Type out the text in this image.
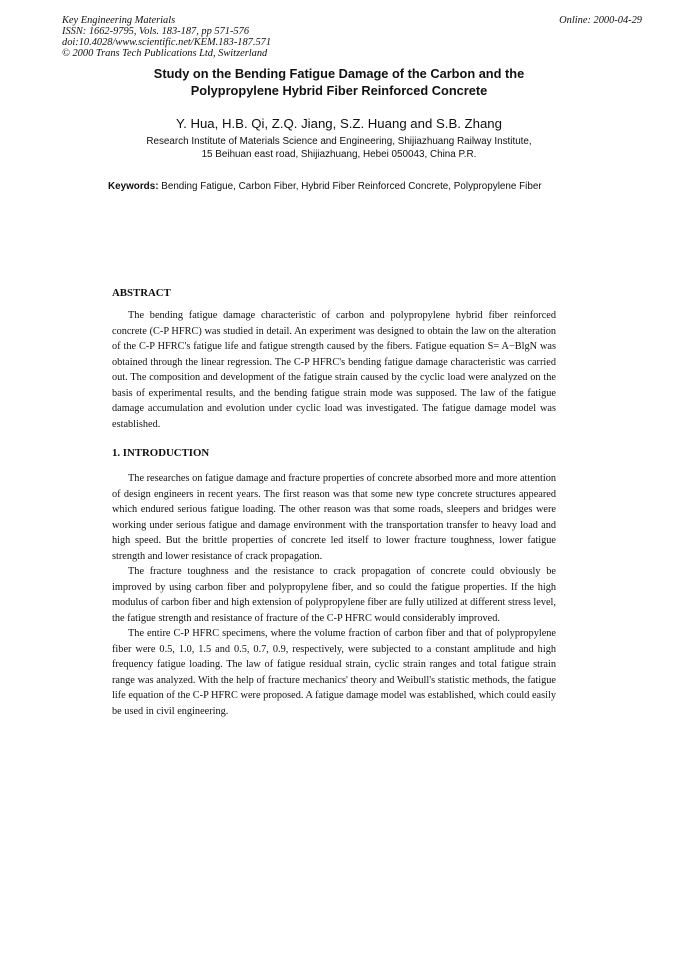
Key Engineering Materials
ISSN: 1662-9795, Vols. 183-187, pp 571-576
doi:10.4028/www.scientific.net/KEM.183-187.571
© 2000 Trans Tech Publications Ltd, Switzerland
Online: 2000-04-29
Study on the Bending Fatigue Damage of the Carbon and the
Polypropylene Hybrid Fiber Reinforced Concrete
Y. Hua, H.B. Qi, Z.Q. Jiang, S.Z. Huang and S.B. Zhang
Research Institute of Materials Science and Engineering, Shijiazhuang Railway Institute,
15 Beihuan east road, Shijiazhuang, Hebei 050043, China P.R.
Keywords: Bending Fatigue, Carbon Fiber, Hybrid Fiber Reinforced Concrete, Polypropylene Fiber
ABSTRACT

The bending fatigue damage characteristic of carbon and polypropylene hybrid fiber reinforced concrete (C-P HFRC) was studied in detail. An experiment was designed to obtain the law on the alteration of the C-P HFRC's fatigue life and fatigue strength caused by the fibers. Fatigue equation S= A−BlgN was obtained through the linear regression. The C-P HFRC's bending fatigue damage characteristic was carried out. The composition and development of the fatigue strain caused by the cyclic load were analyzed on the basis of experimental results, and the bending fatigue strain mode was supposed. The law of the fatigue damage accumulation and evolution under cyclic load was investigated. The fatigue damage model was established.

1. INTRODUCTION

The researches on fatigue damage and fracture properties of concrete absorbed more and more attention of design engineers in recent years. The first reason was that some new type concrete structures appeared which endured serious fatigue loading. The other reason was that some roads, sleepers and bridges were working under serious fatigue and damage environment with the transportation transfer to heavy load and high speed. But the brittle properties of concrete led itself to lower fracture toughness, lower fatigue strength and lower resistance of crack propagation.

The fracture toughness and the resistance to crack propagation of concrete could obviously be improved by using carbon fiber and polypropylene fiber, and so could the fatigue properties. If the high modulus of carbon fiber and high extension of polypropylene fiber are fully utilized at different stress level, the fatigue strength and resistance of fracture of the C-P HFRC would considerably improved.

The entire C-P HFRC specimens, where the volume fraction of carbon fiber and that of polypropylene fiber were 0.5, 1.0, 1.5 and 0.5, 0.7, 0.9, respectively, were subjected to a constant amplitude and high frequency fatigue loading. The law of fatigue residual strain, cyclic strain ranges and total fatigue strain range was analyzed. With the help of fracture mechanics' theory and Weibull's statistic methods, the fatigue life equation of the C-P HFRC were proposed. A fatigue damage model was established, which could easily be used in civil engineering.
